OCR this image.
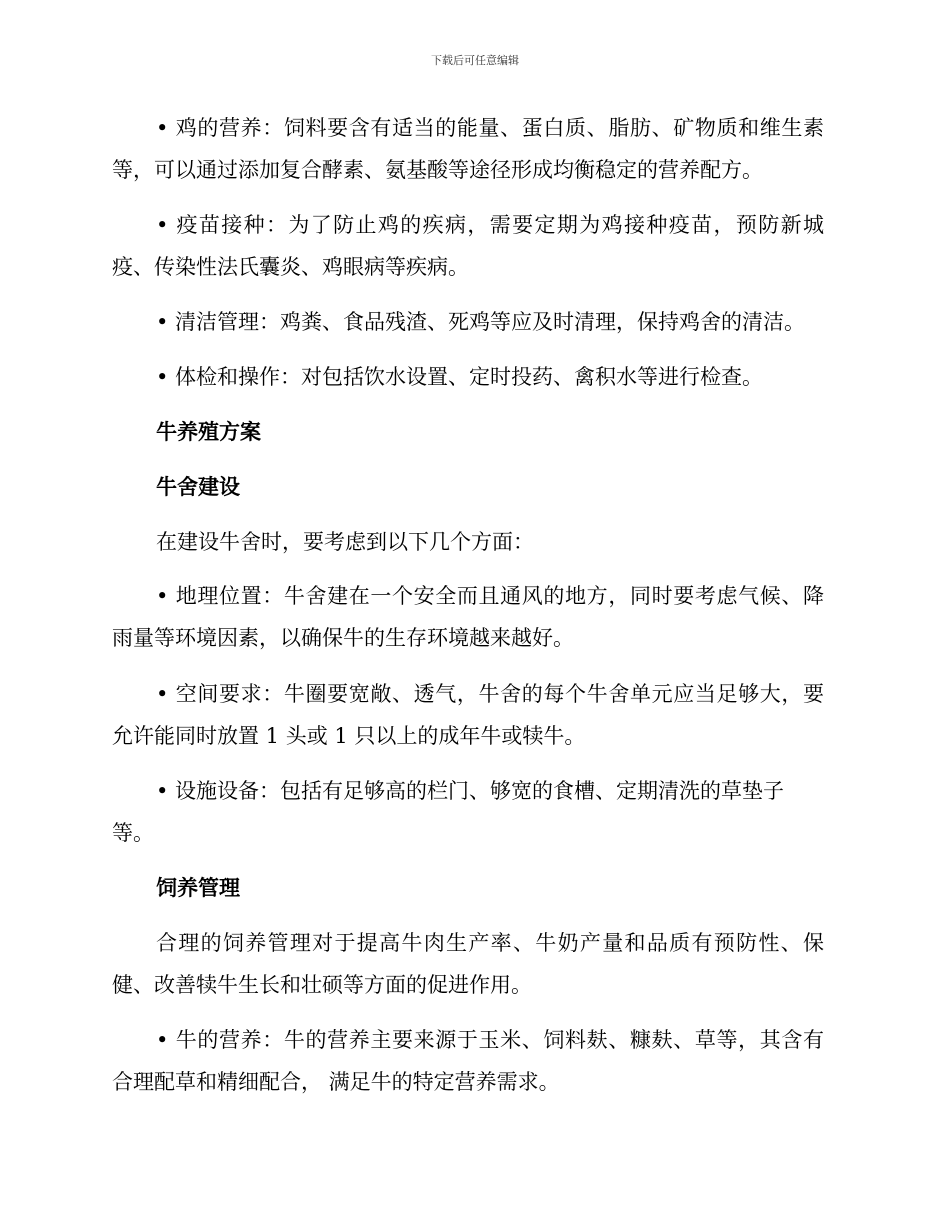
下载后可任意编辑
• 鸡的营养：饲料要含有适当的能量、蛋白质、脂肪、矿物质和维生素
等，可以通过添加复合酵素、氨基酸等途径形成均衡稳定的营养配方。
• 疫苗接种：为了防止鸡的疾病，需要定期为鸡接种疫苗，预防新城
疫、传染性法氏囊炎、鸡眼病等疾病。
• 清洁管理：鸡粪、食品残渣、死鸡等应及时清理，保持鸡舍的清洁。
• 体检和操作：对包括饮水设置、定时投药、禽积水等进行检查。
牛养殖方案
牛舍建设
在建设牛舍时，要考虑到以下几个方面：
• 地理位置：牛舍建在一个安全而且通风的地方，同时要考虑气候、降
雨量等环境因素，以确保牛的生存环境越来越好。
• 空间要求：牛圈要宽敞、透气，牛舍的每个牛舍单元应当足够大，要
允许能同时放置 1 头或 1 只以上的成年牛或犊牛。
• 设施设备：包括有足够高的栏门、够宽的食槽、定期清洗的草垫子
等。
饲养管理
合理的饲养管理对于提高牛肉生产率、牛奶产量和品质有预防性、保
健、改善犊牛生长和壮硕等方面的促进作用。
• 牛的营养：牛的营养主要来源于玉米、饲料麸、糠麸、草等，其含有
合理配草和精细配合， 满足牛的特定营养需求。
